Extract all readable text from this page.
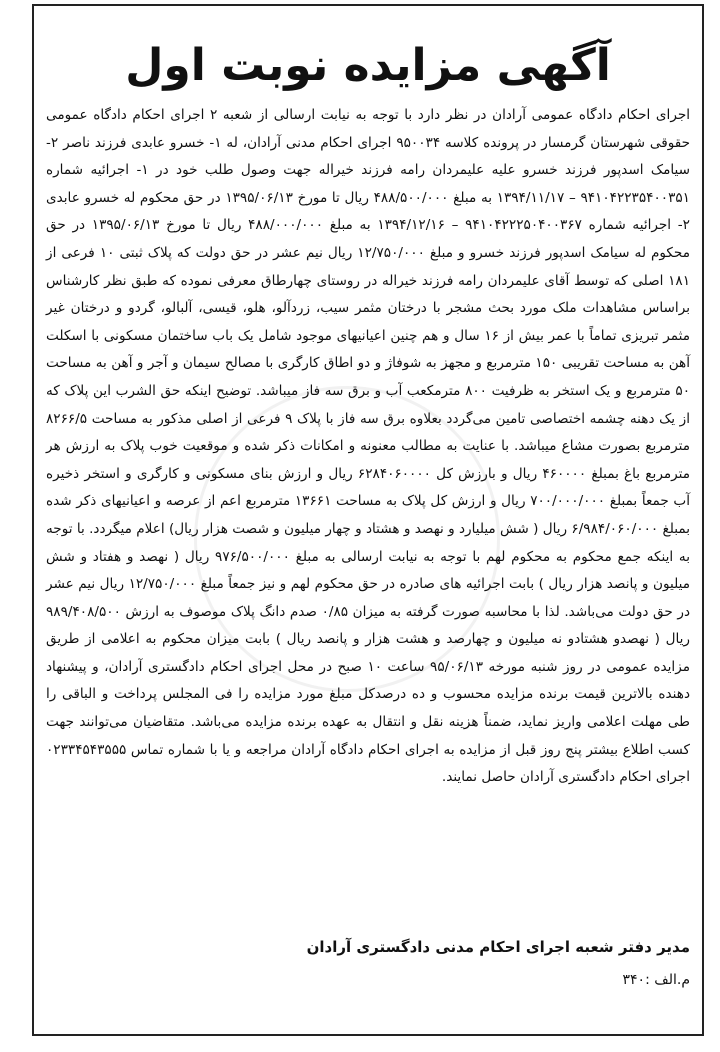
آگهی مزایده نوبت اول
اجرای احکام دادگاه عمومی آرادان در نظر دارد با توجه به نیابت ارسالی از شعبه ۲ اجرای احکام دادگاه عمومی حقوقی شهرستان گرمسار در پرونده کلاسه ۹۵۰۰۳۴ اجرای احکام مدنی آرادان، له ۱- خسرو عابدی فرزند ناصر ۲- سیامک اسدپور فرزند خسرو علیه علیمردان رامه فرزند خیراله جهت وصول طلب خود در ۱- اجرائیه شماره ۹۴۱۰۴۲۲۳۵۴۰۰۳۵۱ – ۱۳۹۴/۱۱/۱۷ به مبلغ ۴۸۸/۵۰۰/۰۰۰ ریال تا مورخ ۱۳۹۵/۰۶/۱۳ در حق محکوم له خسرو عابدی ۲- اجرائیه شماره ۹۴۱۰۴۲۲۲۵۰۴۰۰۳۶۷ – ۱۳۹۴/۱۲/۱۶ به مبلغ ۴۸۸/۰۰۰/۰۰۰ ریال تا مورخ ۱۳۹۵/۰۶/۱۳ در حق محکوم له سیامک اسدپور فرزند خسرو و مبلغ ۱۲/۷۵۰/۰۰۰ ریال نیم عشر در حق دولت که پلاک ثبتی ۱۰ فرعی از ۱۸۱ اصلی که توسط آقای علیمردان رامه فرزند خیراله در روستای چهارطاق معرفی نموده که طبق نظر کارشناس براساس مشاهدات ملک مورد بحث مشجر با درختان مثمر سیب، زردآلو، هلو، قیسی، آلبالو، گردو و درختان غیر مثمر تبریزی تماماً با عمر بیش از ۱۶ سال و هم چنین اعیانیهای موجود شامل یک باب ساختمان مسکونی با اسکلت آهن به مساحت تقریبی ۱۵۰ مترمربع و مجهز به شوفاژ و دو اطاق کارگری با مصالح سیمان و آجر و آهن به مساحت ۵۰ مترمربع و یک استخر به ظرفیت ۸۰۰ مترمکعب آب و برق سه فاز میباشد. توضیح اینکه حق الشرب این پلاک که از یک دهنه چشمه اختصاصی تامین می‌گردد بعلاوه برق سه فاز با پلاک ۹ فرعی از اصلی مذکور به مساحت ۸۲۶۶/۵ مترمربع بصورت مشاع میباشد. با عنایت به مطالب معنونه و امکانات ذکر شده و موقعیت خوب پلاک به ارزش هر مترمربع باغ بمبلغ ۴۶۰۰۰۰ ریال و بارزش کل ۶۲۸۴۰۶۰۰۰۰ ریال و ارزش بنای مسکونی و کارگری و استخر ذخیره آب جمعاً بمبلغ ۷۰۰/۰۰۰/۰۰۰ ریال و ارزش کل پلاک به مساحت ۱۳۶۶۱ مترمربع اعم از عرصه و اعیانیهای ذکر شده بمبلغ ۶/۹۸۴/۰۶۰/۰۰۰ ریال ( شش میلیارد و نهصد و هشتاد و چهار میلیون و شصت هزار ریال) اعلام میگردد. با توجه به اینکه جمع محکوم به محکوم لهم با توجه به نیابت ارسالی به مبلغ ۹۷۶/۵۰۰/۰۰۰ ریال ( نهصد و هفتاد و شش میلیون و پانصد هزار ریال ) بابت اجرائیه های صادره در حق محکوم لهم و نیز جمعاً مبلغ ۱۲/۷۵۰/۰۰۰ ریال نیم عشر در حق دولت می‌باشد. لذا با محاسبه صورت گرفته به میزان ۰/۸۵ صدم دانگ پلاک موصوف به ارزش ۹۸۹/۴۰۸/۵۰۰ ریال ( نهصدو هشتادو نه میلیون و چهارصد و هشت هزار و پانصد ریال ) بابت میزان محکوم به اعلامی از طریق مزایده عمومی در روز شنبه مورخه ۹۵/۰۶/۱۳ ساعت ۱۰ صبح در محل اجرای احکام دادگستری آرادان، و پیشنهاد دهنده بالاترین قیمت برنده مزایده محسوب و ده درصدکل مبلغ مورد مزایده را فی المجلس پرداخت و الباقی را طی مهلت اعلامی واریز نماید، ضمناً هزینه نقل و انتقال به عهده برنده مزایده می‌باشد. متقاضیان می‌توانند جهت کسب اطلاع بیشتر پنج روز قبل از مزایده به اجرای احکام دادگاه آرادان مراجعه و یا با شماره تماس ۰۲۳۳۴۵۴۳۵۵۵ اجرای احکام دادگستری آرادان حاصل نمایند.
مدیر دفتر شعبه اجرای احکام مدنی دادگستری آرادان
م.الف :۳۴۰
